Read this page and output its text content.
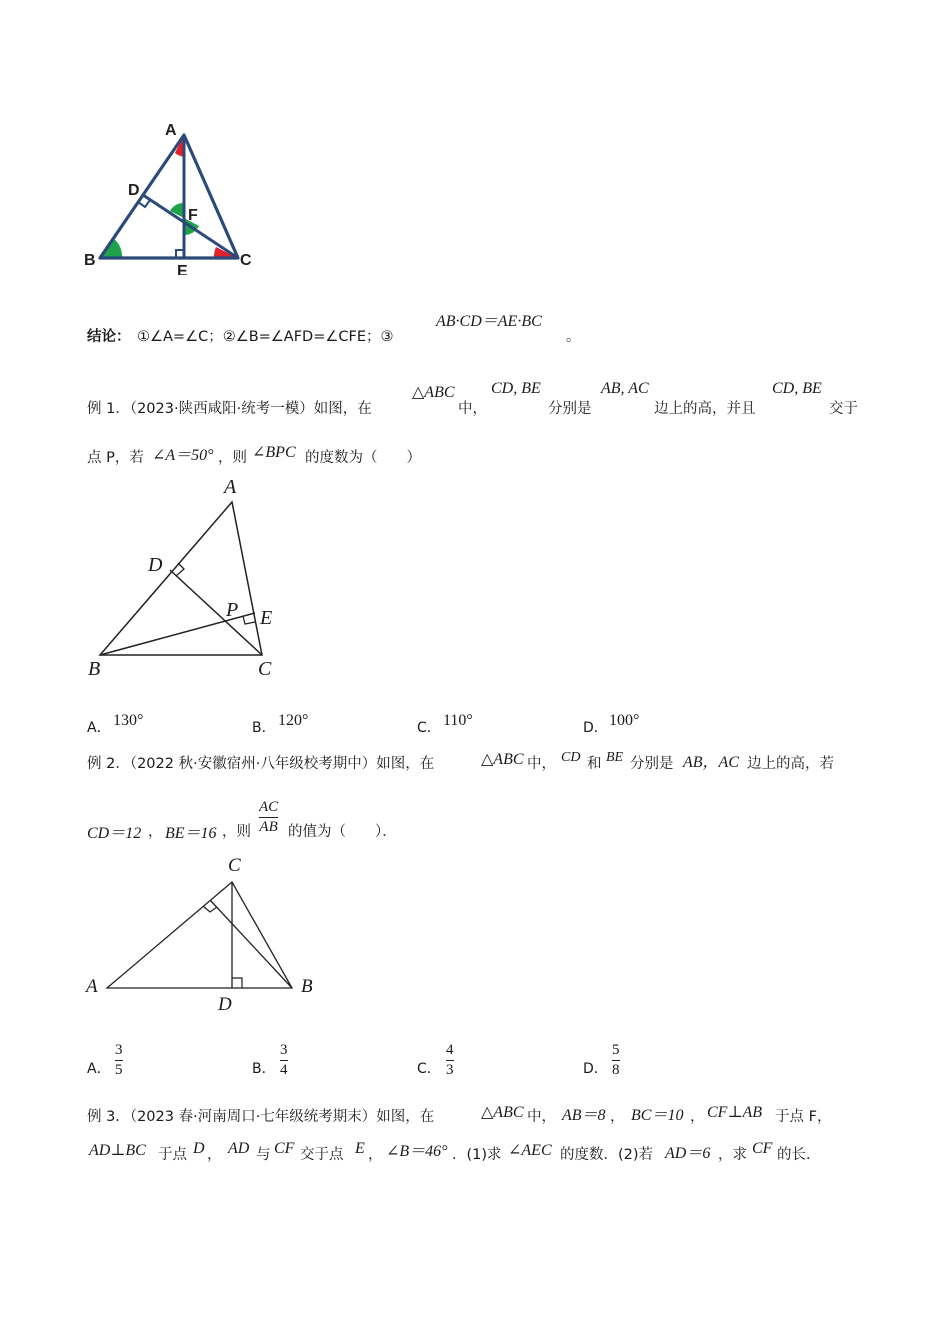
A
D
F
B
E
C
结论： ①∠A=∠C；②∠B=∠AFD=∠CFE；③
AB·CD＝AE·BC
。
例 1．（2023·陕西咸阳·统考一模）如图，在
△ABC
中，
CD, BE
分别是
AB, AC
边上的高，并且
CD, BE
交于
点 P，若 ∠A＝50° ，则 ∠BPC 的度数为（　　）
A
D
P E
B	C
A． 130°	B． 120°	C． 110°	D． 100°
例 2．（2022 秋·安徽宿州·八年级校考期中）如图，在	△ABC 中， CD 和 BE 分别是 AB，AC 边上的高，若
CD＝12 ， BE＝16 ，则
AC
AB 的值为（　　）．
C
A	B
D
A．
3
5	B．
3
4	C．
4
3	D．
5
8
例 3．（2023 春·河南周口·七年级统考期末）如图，在	△ABC 中， AB＝8 ， BC＝10 ， CF⊥AB 于点 F，
AD⊥BC 于点 D ， AD 与 CF 交于点 E ， ∠B＝46° ．(1)求 ∠AEC 的度数．(2)若 AD＝6 ，求 CF 的长．
